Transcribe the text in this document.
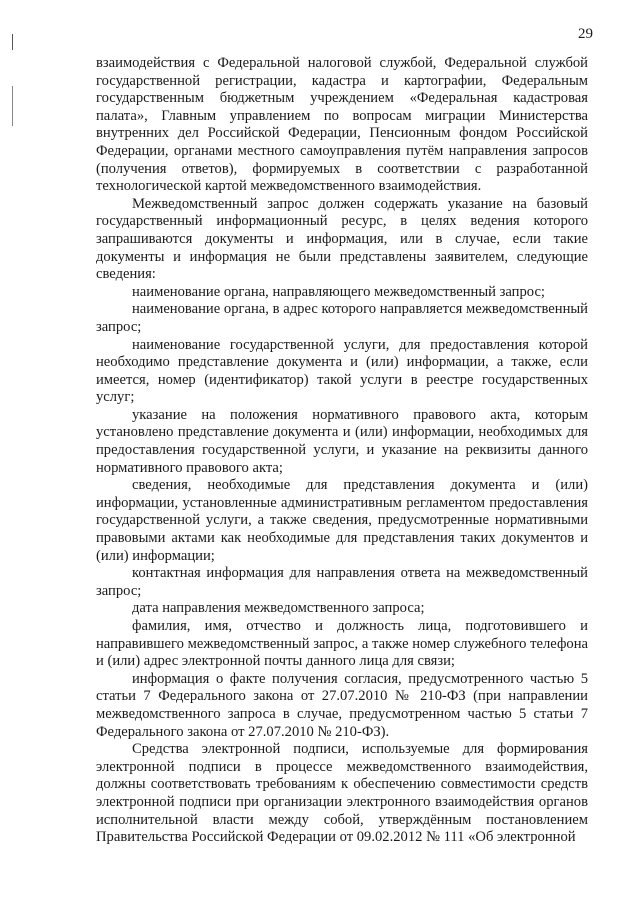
29

взаимодействия с Федеральной налоговой службой, Федеральной службой государственной регистрации, кадастра и картографии, Федеральным государственным бюджетным учреждением «Федеральная кадастровая палата», Главным управлением по вопросам миграции Министерства внутренних дел Российской Федерации, Пенсионным фондом Российской Федерации, органами местного самоуправления путём направления запросов (получения ответов), формируемых в соответствии с разработанной технологической картой межведомственного взаимодействия.

Межведомственный запрос должен содержать указание на базовый государственный информационный ресурс, в целях ведения которого запрашиваются документы и информация, или в случае, если такие документы и информация не были представлены заявителем, следующие сведения:

наименование органа, направляющего межведомственный запрос;

наименование органа, в адрес которого направляется межведомственный запрос;

наименование государственной услуги, для предоставления которой необходимо представление документа и (или) информации, а также, если имеется, номер (идентификатор) такой услуги в реестре государственных услуг;

указание на положения нормативного правового акта, которым установлено представление документа и (или) информации, необходимых для предоставления государственной услуги, и указание на реквизиты данного нормативного правового акта;

сведения, необходимые для представления документа и (или) информации, установленные административным регламентом предоставления государственной услуги, а также сведения, предусмотренные нормативными правовыми актами как необходимые для представления таких документов и (или) информации;

контактная информация для направления ответа на межведомственный запрос;

дата направления межведомственного запроса;

фамилия, имя, отчество и должность лица, подготовившего и направившего межведомственный запрос, а также номер служебного телефона и (или) адрес электронной почты данного лица для связи;

информация о факте получения согласия, предусмотренного частью 5 статьи 7 Федерального закона от 27.07.2010 № 210-ФЗ (при направлении межведомственного запроса в случае, предусмотренном частью 5 статьи 7 Федерального закона от 27.07.2010 № 210-ФЗ).

Средства электронной подписи, используемые для формирования электронной подписи в процессе межведомственного взаимодействия, должны соответствовать требованиям к обеспечению совместимости средств электронной подписи при организации электронного взаимодействия органов исполнительной власти между собой, утверждённым постановлением Правительства Российской Федерации от 09.02.2012 № 111 «Об электронной
